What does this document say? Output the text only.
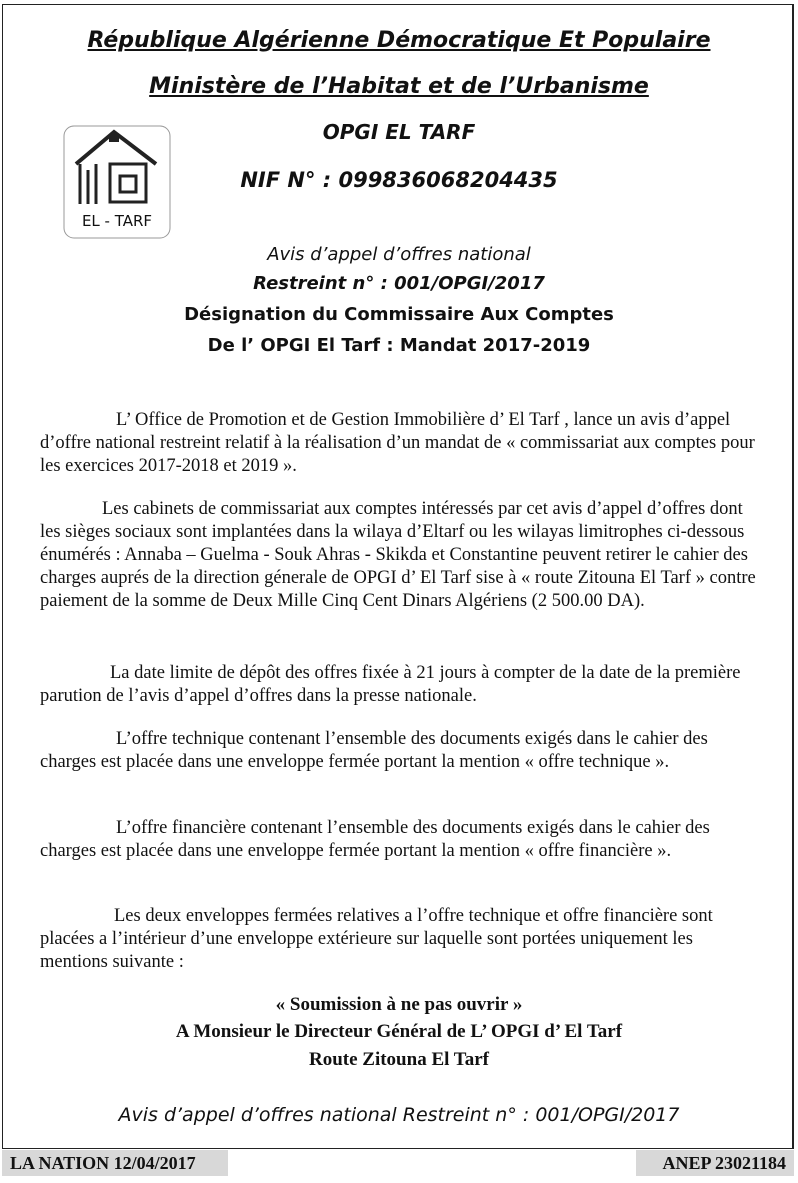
République Algérienne Démocratique Et Populaire
Ministère de l’Habitat et de l’Urbanisme
OPGI EL TARF
NIF N° : 099836068204435
EL - TARF
Avis d’appel d’offres national
Restreint n° : 001/OPGI/2017
Désignation du Commissaire Aux Comptes
De l’ OPGI El Tarf : Mandat 2017-2019

L’ Office de Promotion et de Gestion Immobilière d’ El Tarf , lance un avis d’appel d’offre national restreint relatif à la réalisation d’un mandat de « commissariat aux comptes pour les exercices 2017-2018 et 2019 ».

Les cabinets de commissariat aux comptes intéressés par cet avis d’appel d’offres dont les sièges sociaux sont implantées dans la wilaya d’Eltarf ou les wilayas limitrophes ci-dessous énumérés : Annaba – Guelma - Souk Ahras - Skikda et Constantine peuvent retirer le cahier des charges auprés de la direction génerale de OPGI d’ El Tarf sise à « route Zitouna El Tarf » contre paiement de la somme de Deux Mille Cinq Cent Dinars Algériens (2 500.00 DA).

La date limite de dépôt des offres fixée à 21 jours à compter de la date de la première parution de l’avis d’appel d’offres dans la presse nationale.

L’offre technique contenant l’ensemble des documents exigés dans le cahier des charges est placée dans une enveloppe fermée portant la mention « offre technique ».

L’offre financière contenant l’ensemble des documents exigés dans le cahier des charges est placée dans une enveloppe fermée portant la mention « offre financière ».

Les deux enveloppes fermées relatives a l’offre technique et offre financière sont placées a l’intérieur d’une enveloppe extérieure sur laquelle sont portées uniquement les mentions suivante :

« Soumission à ne pas ouvrir »
A Monsieur le Directeur Général de L’ OPGI d’ El Tarf
Route Zitouna El Tarf
Avis d’appel d’offres national Restreint n° : 001/OPGI/2017
LA NATION 12/04/2017	ANEP 23021184
